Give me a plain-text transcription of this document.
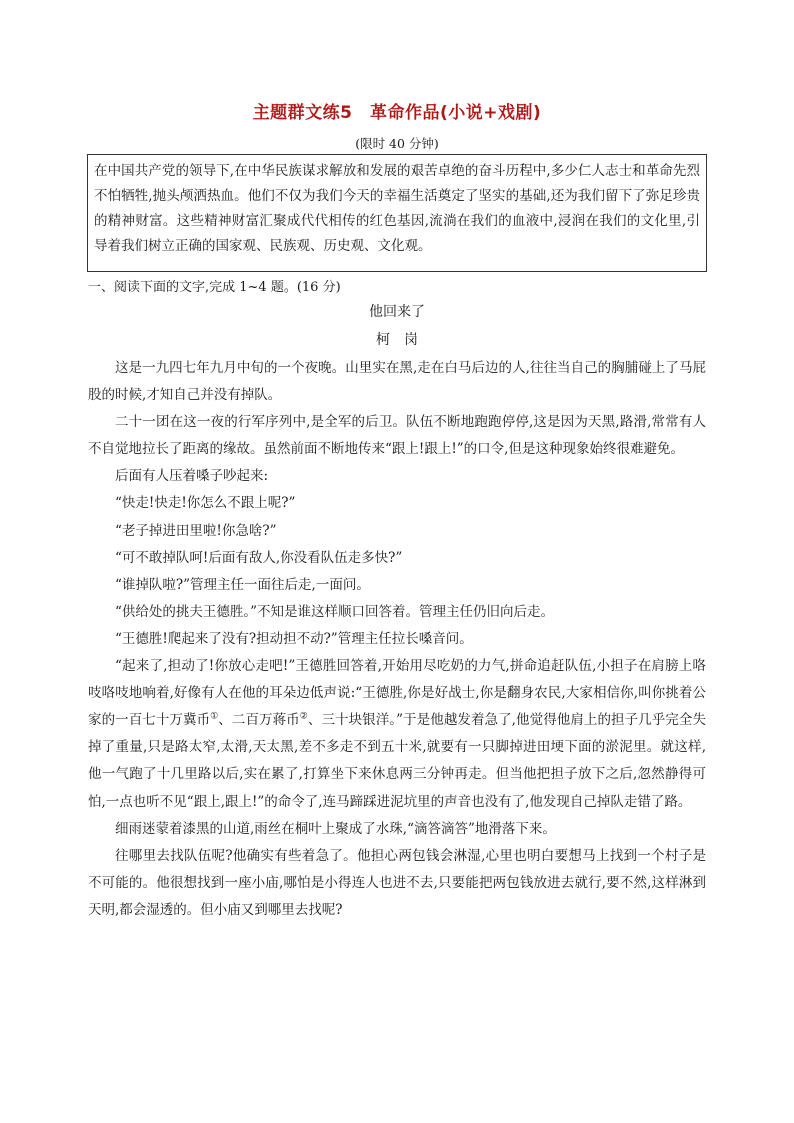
主题群文练5　革命作品(小说+戏剧)
(限时 40 分钟)
在中国共产党的领导下,在中华民族谋求解放和发展的艰苦卓绝的奋斗历程中,多少仁人志士和革命先烈不怕牺牲,抛头颅洒热血。他们不仅为我们今天的幸福生活奠定了坚实的基础,还为我们留下了弥足珍贵的精神财富。这些精神财富汇聚成代代相传的红色基因,流淌在我们的血液中,浸润在我们的文化里,引导着我们树立正确的国家观、民族观、历史观、文化观。
一、阅读下面的文字,完成 1~4 题。(16 分)
他回来了
柯　岗

这是一九四七年九月中旬的一个夜晚。山里实在黑,走在白马后边的人,往往当自己的胸脯碰上了马屁股的时候,才知自己并没有掉队。

二十一团在这一夜的行军序列中,是全军的后卫。队伍不断地跑跑停停,这是因为天黑,路滑,常常有人不自觉地拉长了距离的缘故。虽然前面不断地传来“跟上!跟上!”的口令,但是这种现象始终很难避免。

后面有人压着嗓子吵起来:

“快走!快走!你怎么不跟上呢?”

“老子掉进田里啦!你急啥?”

“可不敢掉队呵!后面有敌人,你没看队伍走多快?”

“谁掉队啦?”管理主任一面往后走,一面问。

“供给处的挑夫王德胜。”不知是谁这样顺口回答着。管理主任仍旧向后走。

“王德胜!爬起来了没有?担动担不动?”管理主任拉长嗓音问。

“起来了,担动了!你放心走吧!”王德胜回答着,开始用尽吃奶的力气,拼命追赶队伍,小担子在肩膀上咯吱咯吱地响着,好像有人在他的耳朵边低声说:“王德胜,你是好战士,你是翻身农民,大家相信你,叫你挑着公家的一百七十万冀币①、二百万蒋币②、三十块银洋。”于是他越发着急了,他觉得他肩上的担子几乎完全失掉了重量,只是路太窄,太滑,天太黑,差不多走不到五十米,就要有一只脚掉进田埂下面的淤泥里。就这样,他一气跑了十几里路以后,实在累了,打算坐下来休息两三分钟再走。但当他把担子放下之后,忽然静得可怕,一点也听不见“跟上,跟上!”的命令了,连马蹄踩进泥坑里的声音也没有了,他发现自己掉队走错了路。

细雨迷蒙着漆黑的山道,雨丝在桐叶上聚成了水珠,“滴答滴答”地滑落下来。

往哪里去找队伍呢?他确实有些着急了。他担心两包钱会淋湿,心里也明白要想马上找到一个村子是不可能的。他很想找到一座小庙,哪怕是小得连人也进不去,只要能把两包钱放进去就行,要不然,这样淋到天明,都会湿透的。但小庙又到哪里去找呢?
